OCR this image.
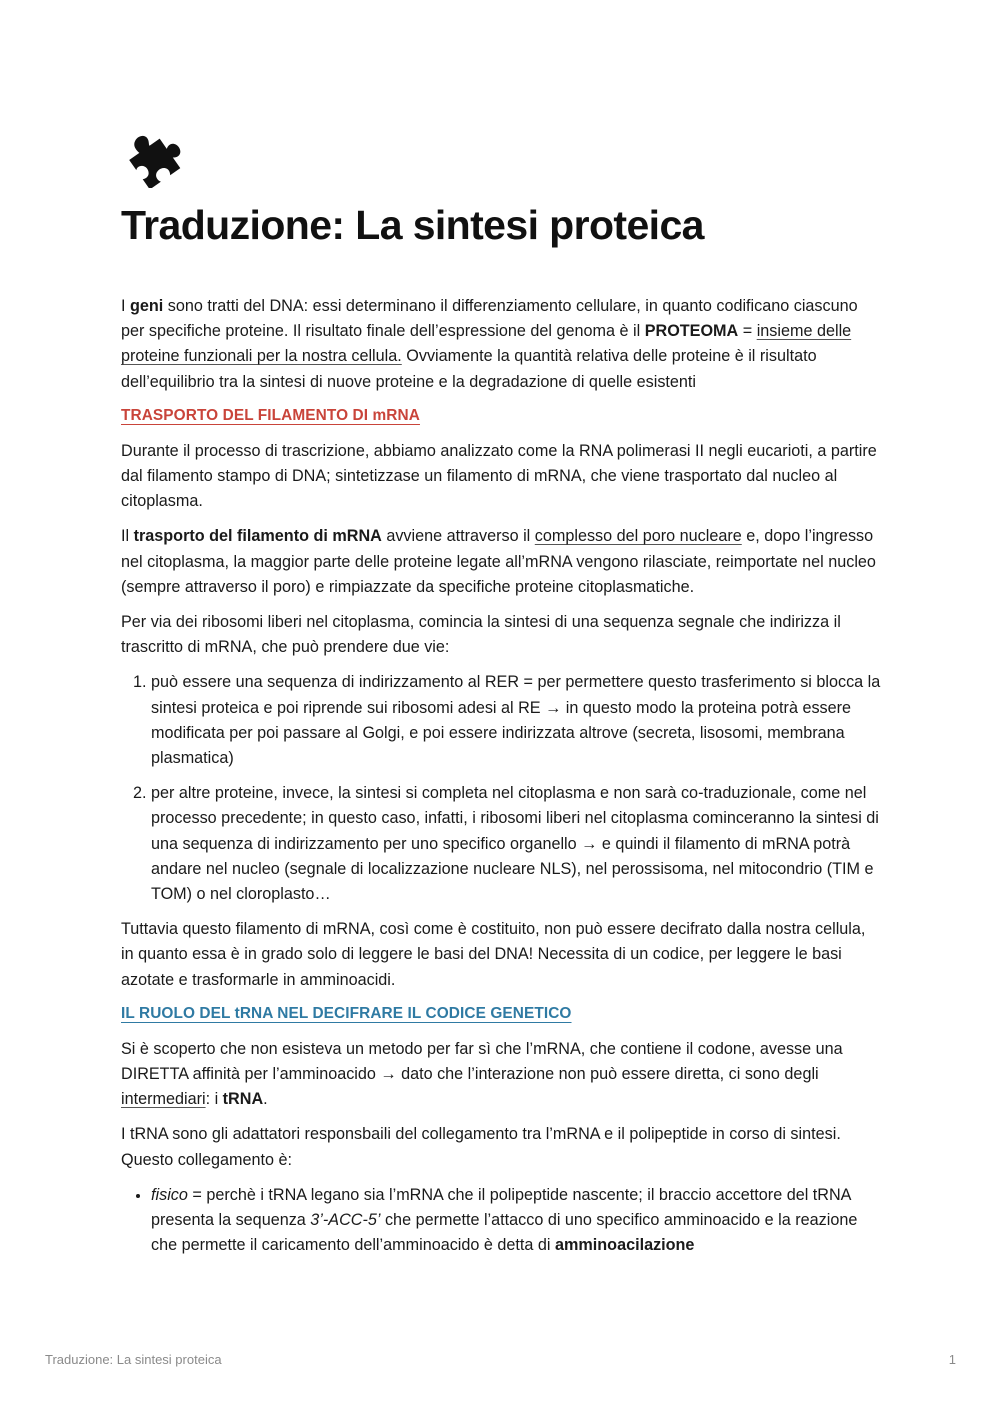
Traduzione: La sintesi proteica

I geni sono tratti del DNA: essi determinano il differenziamento cellulare, in quanto codificano ciascuno per specifiche proteine. Il risultato finale dell’espressione del genoma è il PROTEOMA = insieme delle proteine funzionali per la nostra cellula. Ovviamente la quantità relativa delle proteine è il risultato dell’equilibrio tra la sintesi di nuove proteine e la degradazione di quelle esistenti

TRASPORTO DEL FILAMENTO DI mRNA

Durante il processo di trascrizione, abbiamo analizzato come la RNA polimerasi II negli eucarioti, a partire dal filamento stampo di DNA; sintetizzase un filamento di mRNA, che viene trasportato dal nucleo al citoplasma.

Il trasporto del filamento di mRNA avviene attraverso il complesso del poro nucleare e, dopo l’ingresso nel citoplasma, la maggior parte delle proteine legate all’mRNA vengono rilasciate, reimportate nel nucleo (sempre attraverso il poro) e rimpiazzate da specifiche proteine citoplasmatiche.

Per via dei ribosomi liberi nel citoplasma, comincia la sintesi di una sequenza segnale che indirizza il trascritto di mRNA, che può prendere due vie:

1. può essere una sequenza di indirizzamento al RER = per permettere questo trasferimento si blocca la sintesi proteica e poi riprende sui ribosomi adesi al RE → in questo modo la proteina potrà essere modificata per poi passare al Golgi, e poi essere indirizzata altrove (secreta, lisosomi, membrana plasmatica)
2. per altre proteine, invece, la sintesi si completa nel citoplasma e non sarà co-traduzionale, come nel processo precedente; in questo caso, infatti, i ribosomi liberi nel citoplasma cominceranno la sintesi di una sequenza di indirizzamento per uno specifico organello → e quindi il filamento di mRNA potrà andare nel nucleo (segnale di localizzazione nucleare NLS), nel perossisoma, nel mitocondrio (TIM e TOM) o nel cloroplasto…

Tuttavia questo filamento di mRNA, così come è costituito, non può essere decifrato dalla nostra cellula, in quanto essa è in grado solo di leggere le basi del DNA! Necessita di un codice, per leggere le basi azotate e trasformarle in amminoacidi.

IL RUOLO DEL tRNA NEL DECIFRARE IL CODICE GENETICO

Si è scoperto che non esisteva un metodo per far sì che l’mRNA, che contiene il codone, avesse una DIRETTA affinità per l’amminoacido → dato che l’interazione non può essere diretta, ci sono degli intermediari: i tRNA.

I tRNA sono gli adattatori responsbaili del collegamento tra l’mRNA e il polipeptide in corso di sintesi. Questo collegamento è:

• fisico = perchè i tRNA legano sia l’mRNA che il polipeptide nascente; il braccio accettore del tRNA presenta la sequenza 3’-ACC-5’ che permette l’attacco di uno specifico amminoacido e la reazione che permette il caricamento dell’amminoacido è detta di amminoacilazione
Traduzione: La sintesi proteica	1
